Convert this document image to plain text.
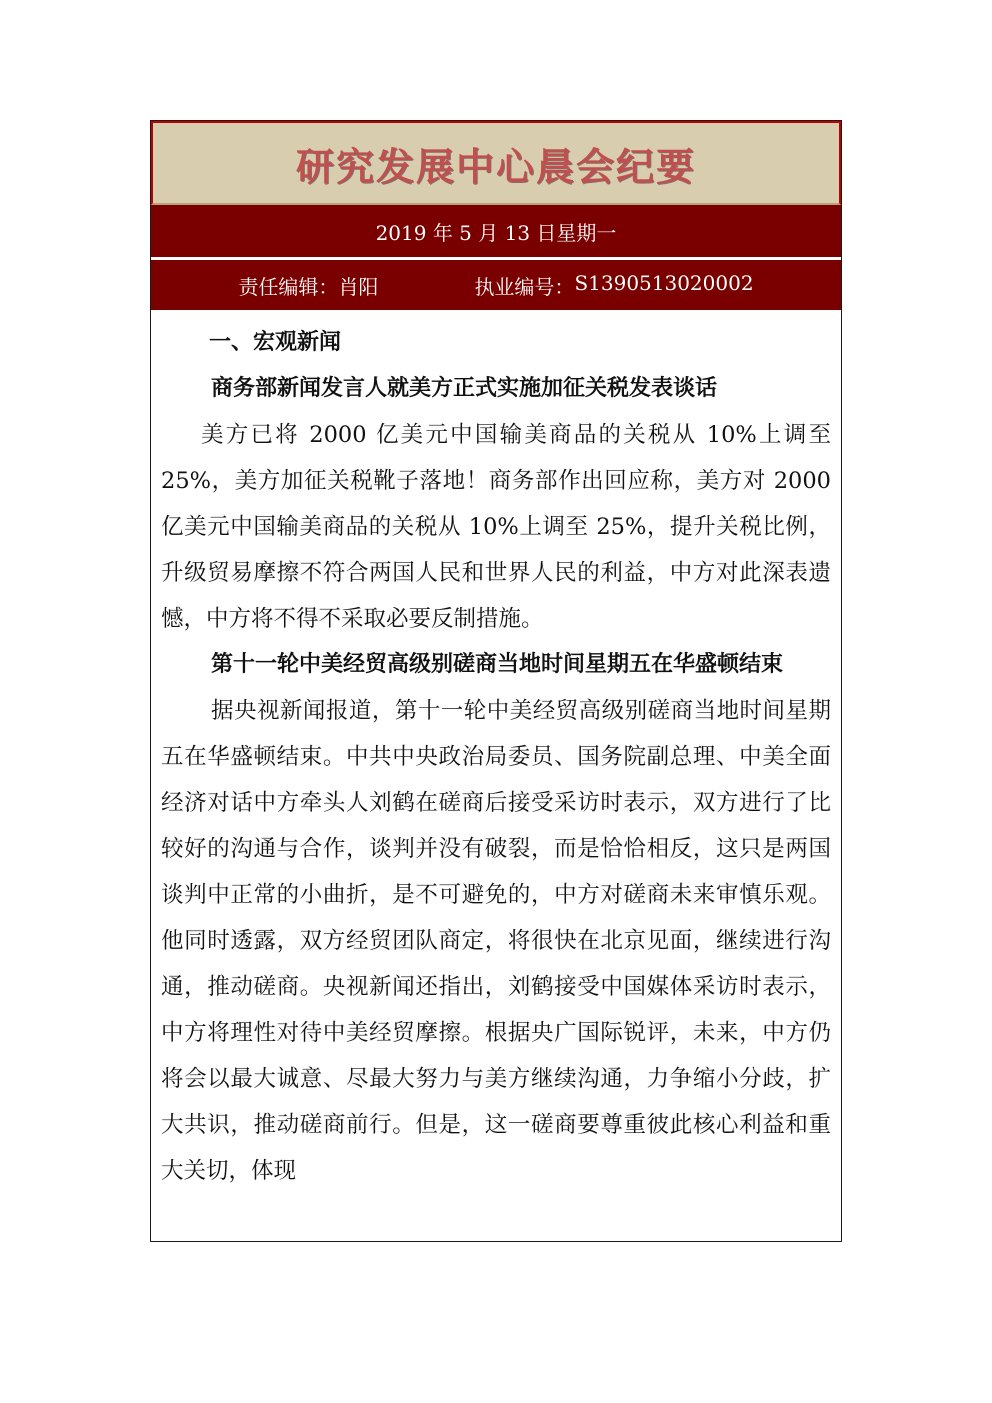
研究发展中心晨会纪要
2019 年 5 月 13 日星期一
责任编辑： 肖阳	执业编号： S1390513020002

一、宏观新闻

商务部新闻发言人就美方正式实施加征关税发表谈话

美方已将 2000 亿美元中国输美商品的关税从 10%上调至 25%，美方加征关税靴子落地！商务部作出回应称，美方对 2000 亿美元中国输美商品的关税从 10%上调至 25%，提升关税比例，升级贸易摩擦不符合两国人民和世界人民的利益，中方对此深表遗憾，中方将不得不采取必要反制措施。

第十一轮中美经贸高级别磋商当地时间星期五在华盛顿结束

据央视新闻报道，第十一轮中美经贸高级别磋商当地时间星期五在华盛顿结束。中共中央政治局委员、国务院副总理、中美全面经济对话中方牵头人刘鹤在磋商后接受采访时表示，双方进行了比较好的沟通与合作，谈判并没有破裂，而是恰恰相反，这只是两国谈判中正常的小曲折，是不可避免的，中方对磋商未来审慎乐观。他同时透露，双方经贸团队商定，将很快在北京见面，继续进行沟通，推动磋商。央视新闻还指出，刘鹤接受中国媒体采访时表示，中方将理性对待中美经贸摩擦。根据央广国际锐评，未来，中方仍将会以最大诚意、尽最大努力与美方继续沟通，力争缩小分歧，扩大共识，推动磋商前行。但是，这一磋商要尊重彼此核心利益和重大关切，体现
